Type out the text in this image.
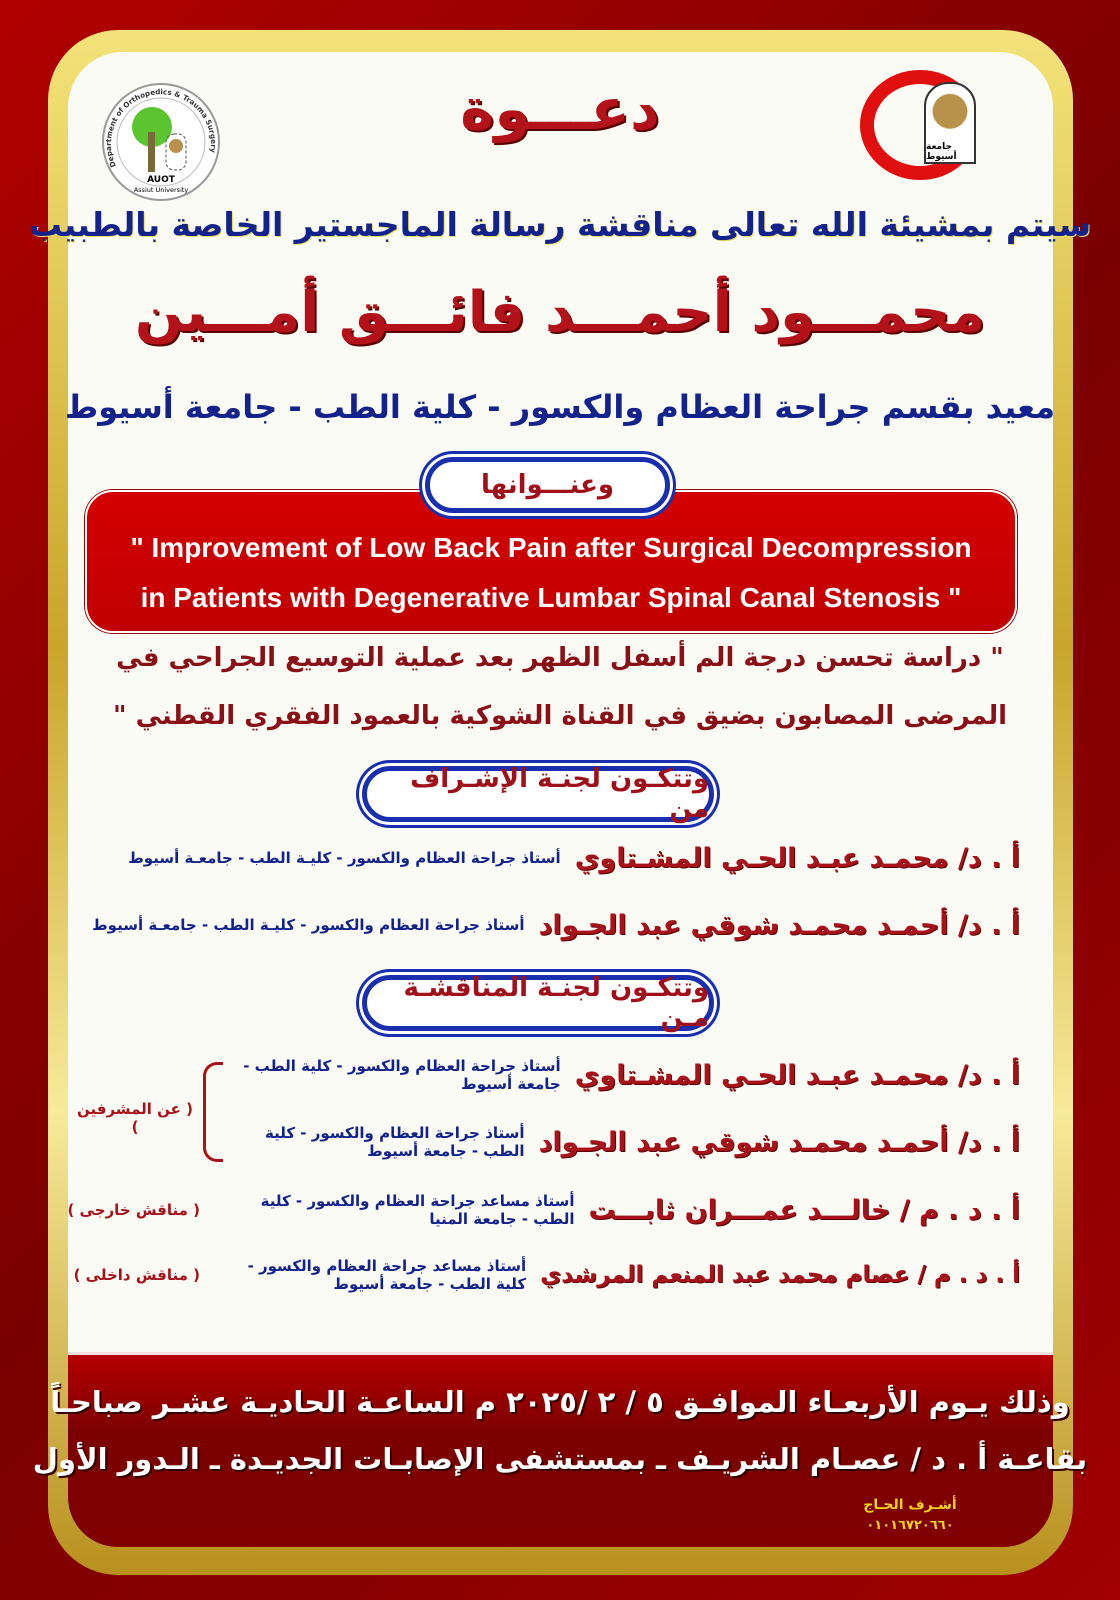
Department of Orthopedics & Trauma Surgery
AUOT
Assiut University
جامعة أسيوط
دعـــوة
سيتم بمشيئة الله تعالى مناقشة رسالة الماجستير الخاصة بالطبيب
محمـــود أحمـــد فائـــق أمـــين
معيد بقسم جراحة العظام والكسور - كلية الطب - جامعة أسيوط
" Improvement of Low Back Pain after Surgical Decompression
in Patients with Degenerative Lumbar Spinal Canal Stenosis "
وعنـــوانها
" دراسة تحسن درجة الم أسفل الظهر بعد عملية التوسيع الجراحي في
المرضى المصابون بضيق في القناة الشوكية بالعمود الفقري القطني "
وتتكـون لجنـة الإشـراف من
أ . د/ محمـد عبـد الحـي المشـتاوي
أستاذ جراحة العظام والكسور - كليـة الطب - جامعـة أسيوط
أ . د/ أحمـد محمـد شوقي عبد الجـواد
أستاذ جراحة العظام والكسور - كليـة الطب - جامعـة أسيوط
وتتكـون لجنـة المناقشـة مـن
أ . د/ محمـد عبـد الحـي المشـتاوي
أستاذ جراحة العظام والكسور - كلية الطب - جامعة أسيوط
أ . د/ أحمـد محمـد شوقي عبد الجـواد
أستاذ جراحة العظام والكسور - كلية الطب - جامعة أسيوط
( عن المشرفين )
أ . د . م / خالـــد عمـــران ثابـــت
أستاذ مساعد جراحة العظام والكسور - كلية الطب - جامعة المنيا
( مناقش خارجى )
أ . د . م / عصام محمد عبد المنعم المرشدي
أستاذ مساعد جراحة العظام والكسور - كلية الطب - جامعة أسيوط
( مناقش داخلى )
وذلك يـوم الأربعـاء الموافـق ٥ / ٢ /٢٠٢٥ م الساعـة الحاديـة عشـر صباحـاً
بقاعـة أ . د / عصـام الشريـف ـ بمستشفى الإصابـات الجديـدة ـ الـدور الأول
أشـرف الحـاج
٠١٠١٦٧٢٠٦٦٠
